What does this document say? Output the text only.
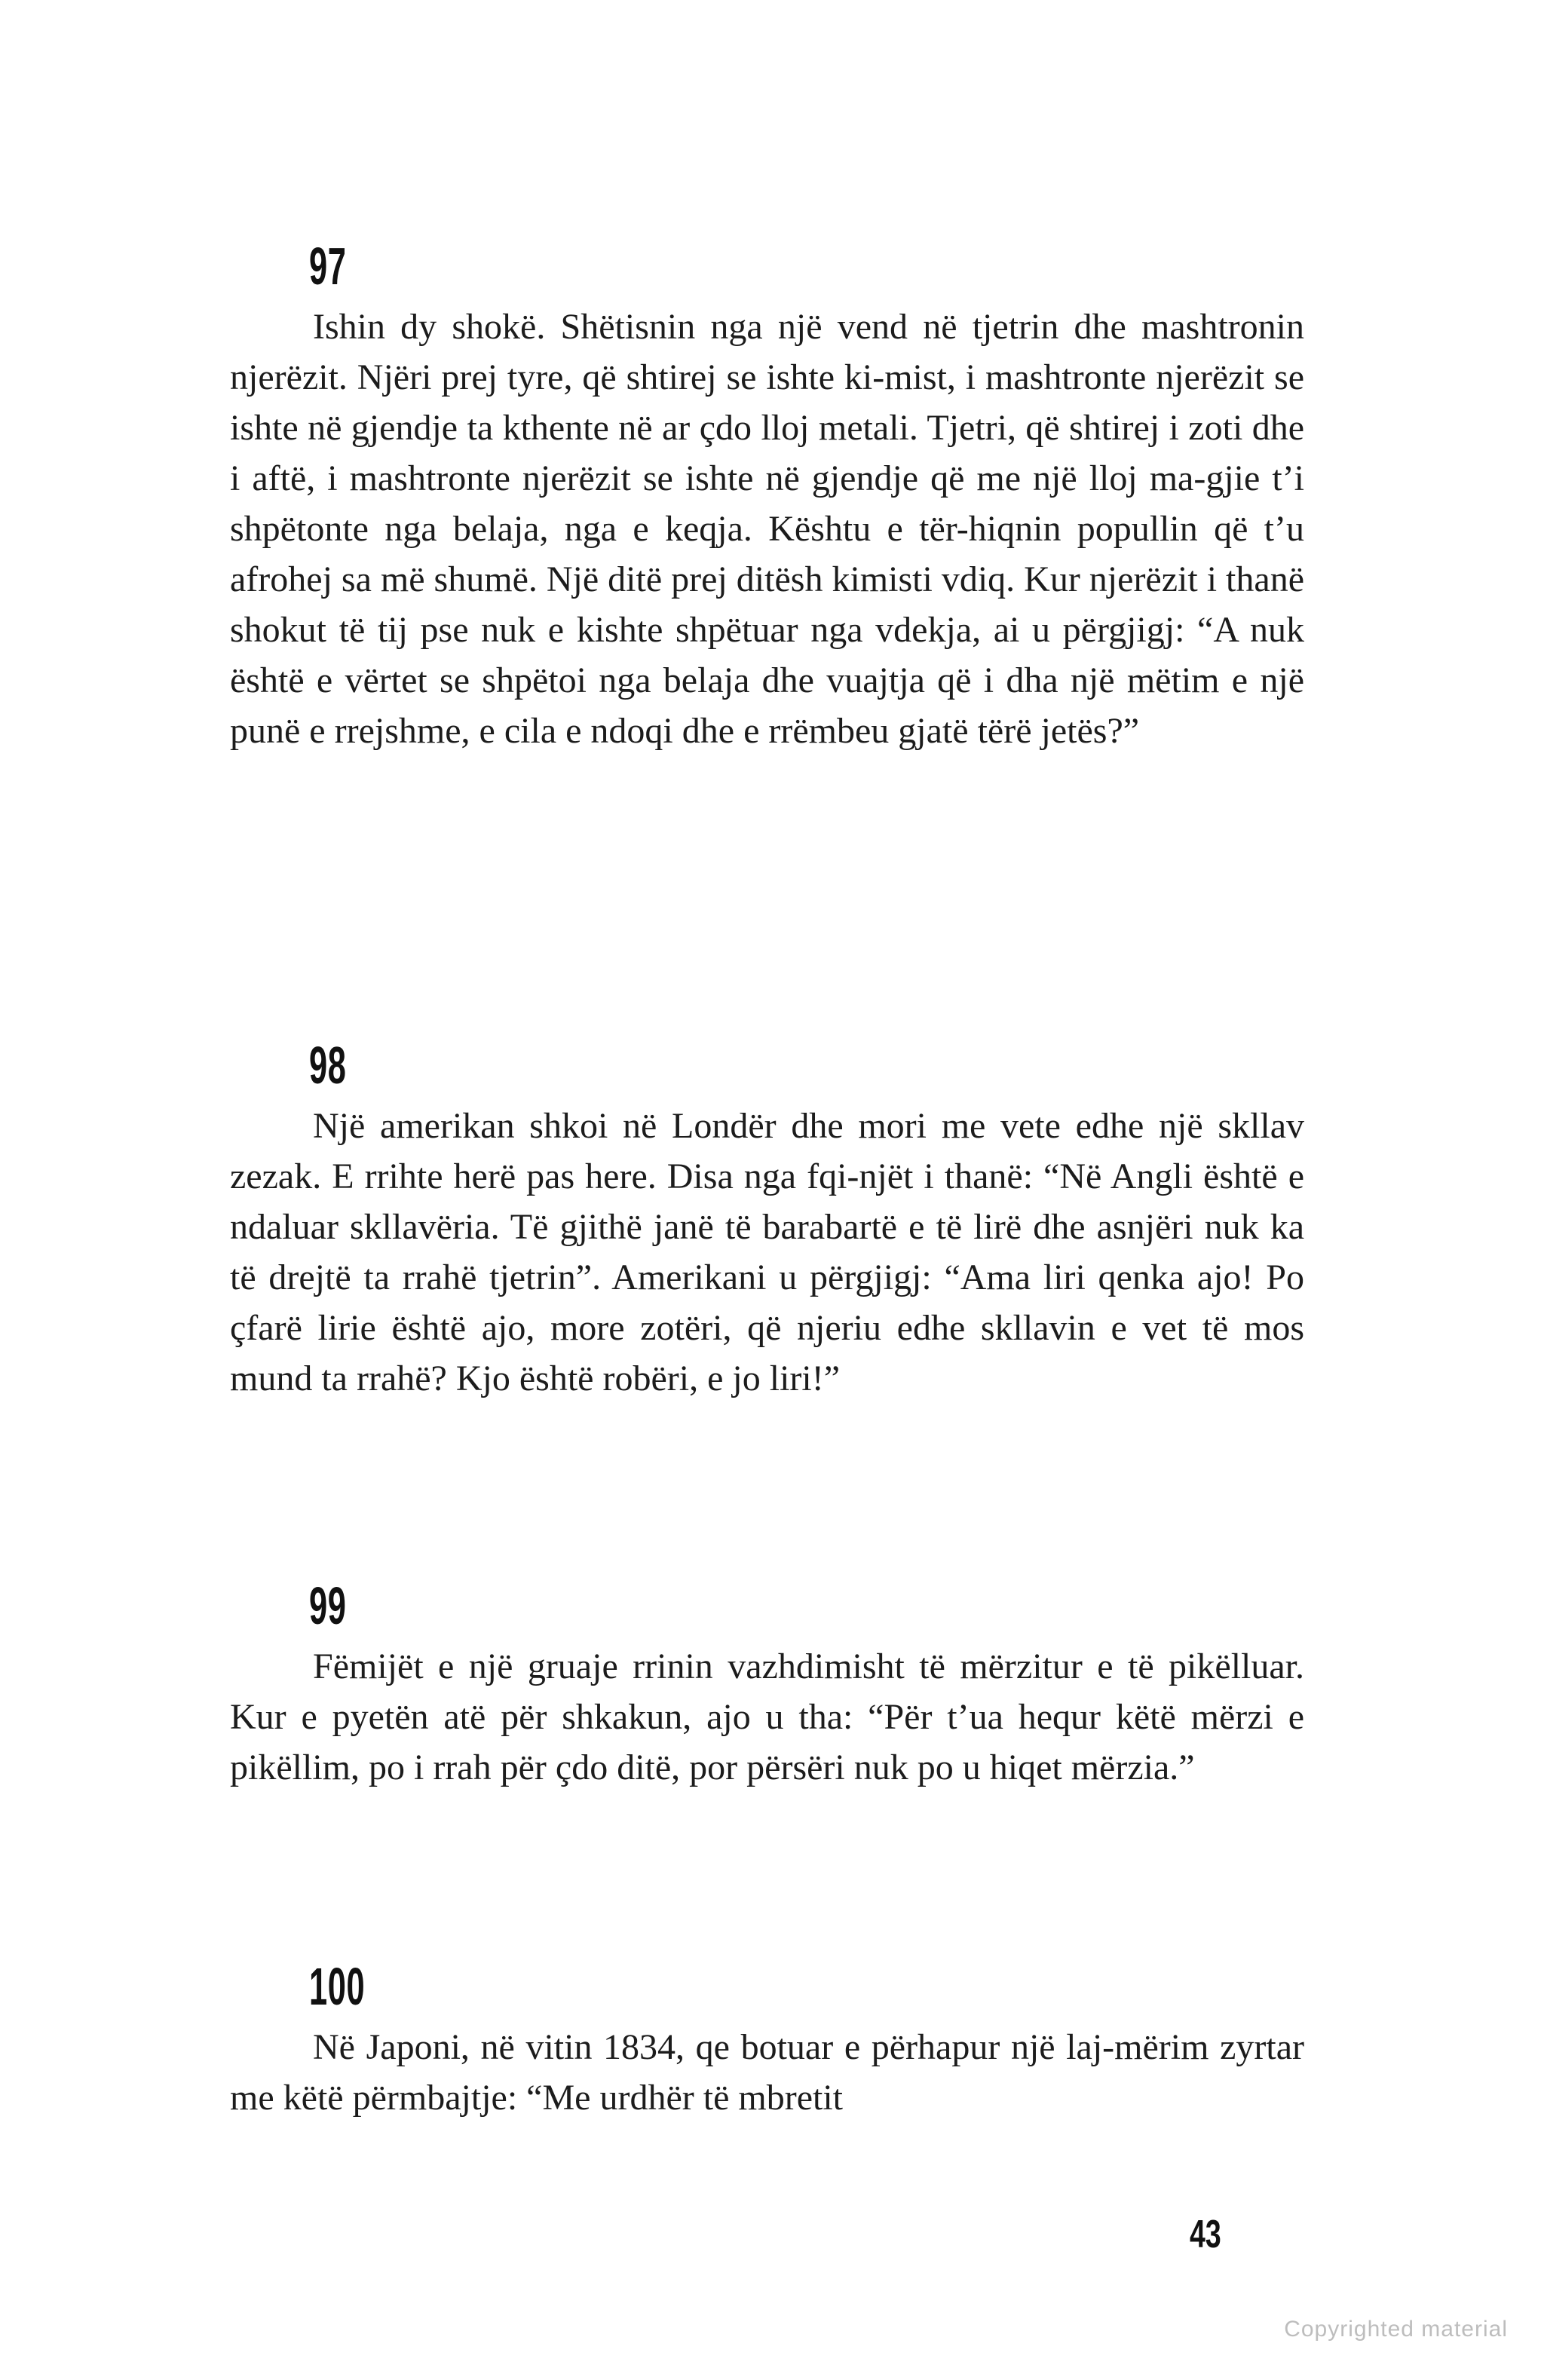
97

Ishin dy shokë. Shëtisnin nga një vend në tjetrin dhe mashtronin njerëzit. Njëri prej tyre, që shtirej se ishte ki-mist, i mashtronte njerëzit se ishte në gjendje ta kthente në ar çdo lloj metali. Tjetri, që shtirej i zoti dhe i aftë, i mashtronte njerëzit se ishte në gjendje që me një lloj ma-gjie t’i shpëtonte nga belaja, nga e keqja. Kështu e tër-hiqnin popullin që t’u afrohej sa më shumë. Një ditë prej ditësh kimisti vdiq. Kur njerëzit i thanë shokut të tij pse nuk e kishte shpëtuar nga vdekja, ai u përgjigj: “A nuk është e vërtet se shpëtoi nga belaja dhe vuajtja që i dha një mëtim e një punë e rrejshme, e cila e ndoqi dhe e rrëmbeu gjatë tërë jetës?”

98

Një amerikan shkoi në Londër dhe mori me vete edhe një skllav zezak. E rrihte herë pas here. Disa nga fqi-njët i thanë: “Në Angli është e ndaluar skllavëria. Të gjithë janë të barabartë e të lirë dhe asnjëri nuk ka të drejtë ta rrahë tjetrin”. Amerikani u përgjigj: “Ama liri qenka ajo! Po çfarë lirie është ajo, more zotëri, që njeriu edhe skllavin e vet të mos mund ta rrahë? Kjo është robëri, e jo liri!”

99

Fëmijët e një gruaje rrinin vazhdimisht të mërzitur e të pikëlluar. Kur e pyetën atë për shkakun, ajo u tha: “Për t’ua hequr këtë mërzi e pikëllim, po i rrah për çdo ditë, por përsëri nuk po u hiqet mërzia.”

100

Në Japoni, në vitin 1834, qe botuar e përhapur një laj-mërim zyrtar me këtë përmbajtje: “Me urdhër të mbretit

43
Copyrighted material
